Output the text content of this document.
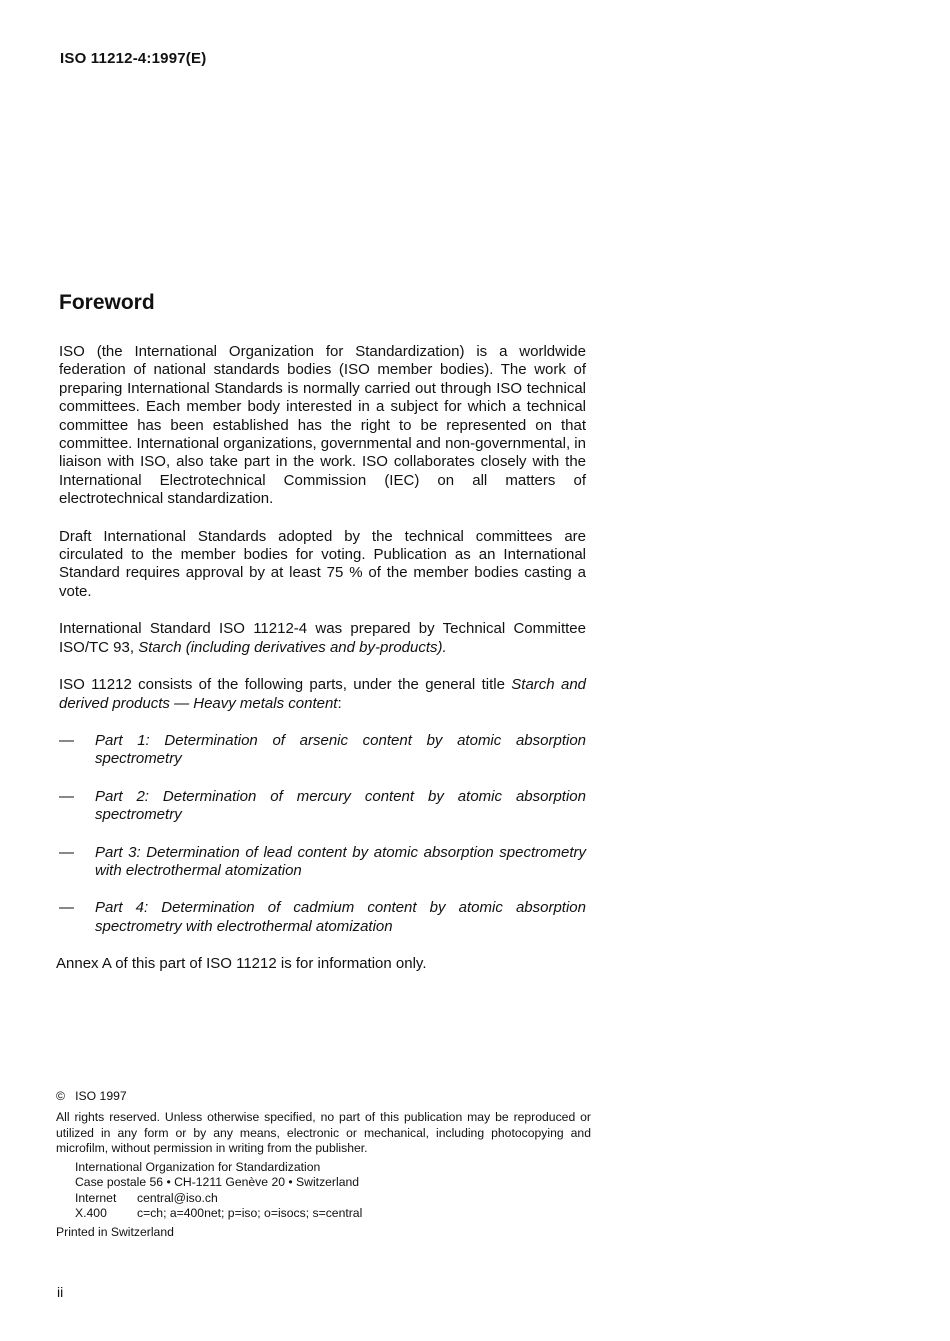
ISO 11212-4:1997(E)
Foreword

ISO (the International Organization for Standardization) is a worldwide federation of national standards bodies (ISO member bodies). The work of preparing International Standards is normally carried out through ISO technical committees. Each member body interested in a subject for which a technical committee has been established has the right to be represented on that committee. International organizations, governmental and non-governmental, in liaison with ISO, also take part in the work. ISO collaborates closely with the International Electrotechnical Commission (IEC) on all matters of electrotechnical standardization.

Draft International Standards adopted by the technical committees are circulated to the member bodies for voting. Publication as an International Standard requires approval by at least 75 % of the member bodies casting a vote.

International Standard ISO 11212-4 was prepared by Technical Committee ISO/TC 93, Starch (including derivatives and by-products).

ISO 11212 consists of the following parts, under the general title Starch and derived products — Heavy metals content:

— Part 1: Determination of arsenic content by atomic absorption spectrometry
— Part 2: Determination of mercury content by atomic absorption spectrometry
— Part 3: Determination of lead content by atomic absorption spectrometry with electrothermal atomization
— Part 4: Determination of cadmium content by atomic absorption spectrometry with electrothermal atomization

Annex A of this part of ISO 11212 is for information only.

© ISO 1997

All rights reserved. Unless otherwise specified, no part of this publication may be reproduced or utilized in any form or by any means, electronic or mechanical, including photocopying and microfilm, without permission in writing from the publisher.

International Organization for Standardization

Case postale 56 • CH-1211 Genève 20 • Switzerland

Internet	central@iso.ch
X.400	c=ch; a=400net; p=iso; o=isocs; s=central

Printed in Switzerland

ii
